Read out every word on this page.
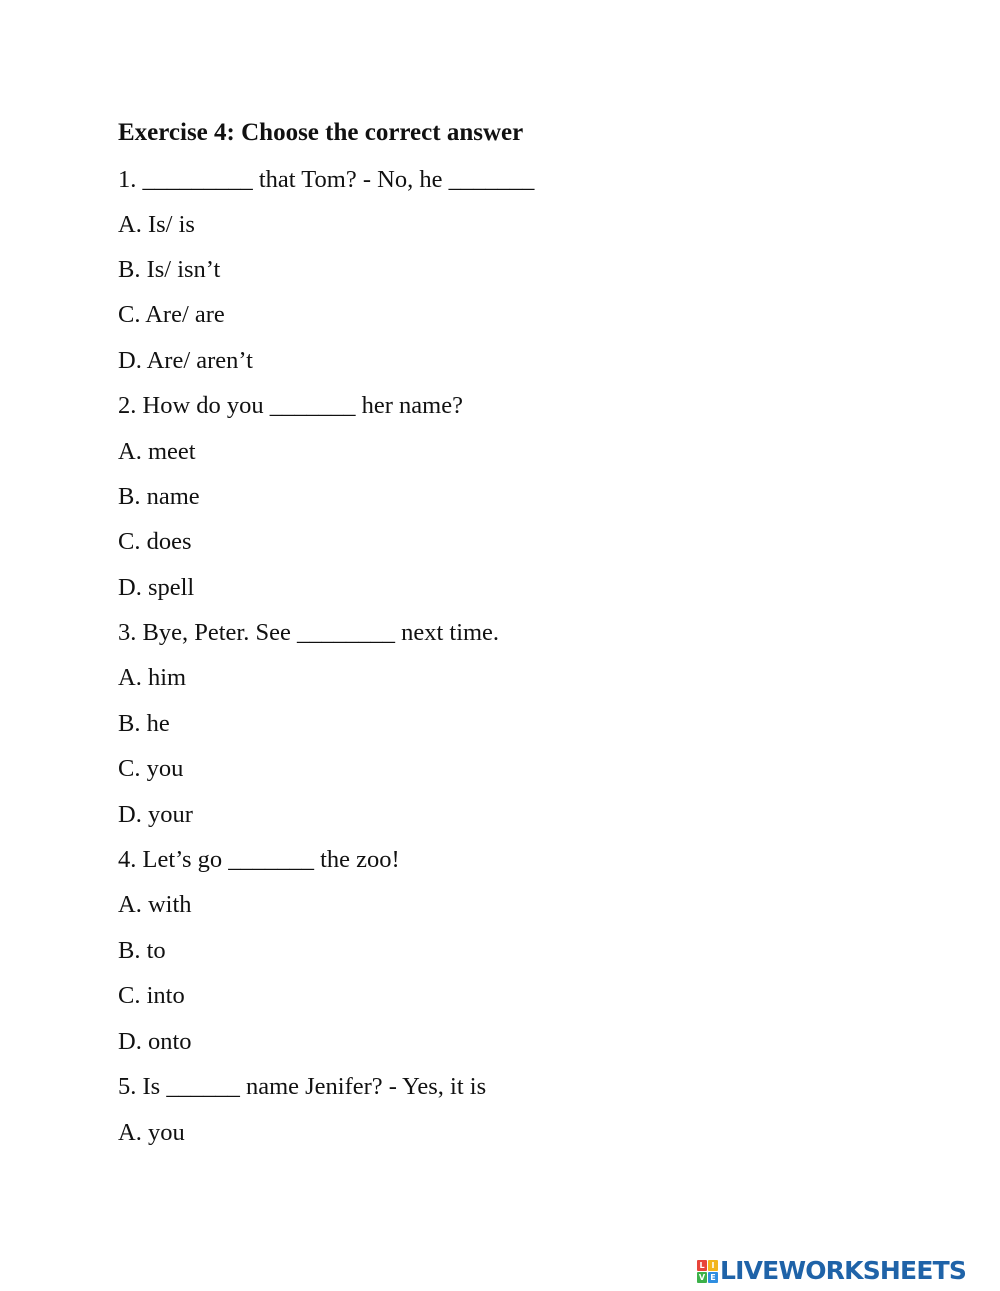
Exercise 4: Choose the correct answer
1. _________ that Tom? - No, he _______
A. Is/ is
B. Is/ isn’t
C. Are/ are
D. Are/ aren’t
2. How do you _______ her name?
A. meet
B. name
C. does
D. spell
3. Bye, Peter. See ________ next time.
A. him
B. he
C. you
D. your
4. Let’s go _______ the zoo!
A. with
B. to
C. into
D. onto
5. Is ______ name Jenifer? - Yes, it is
A. you
L I
V E LIVEWORKSHEETS
